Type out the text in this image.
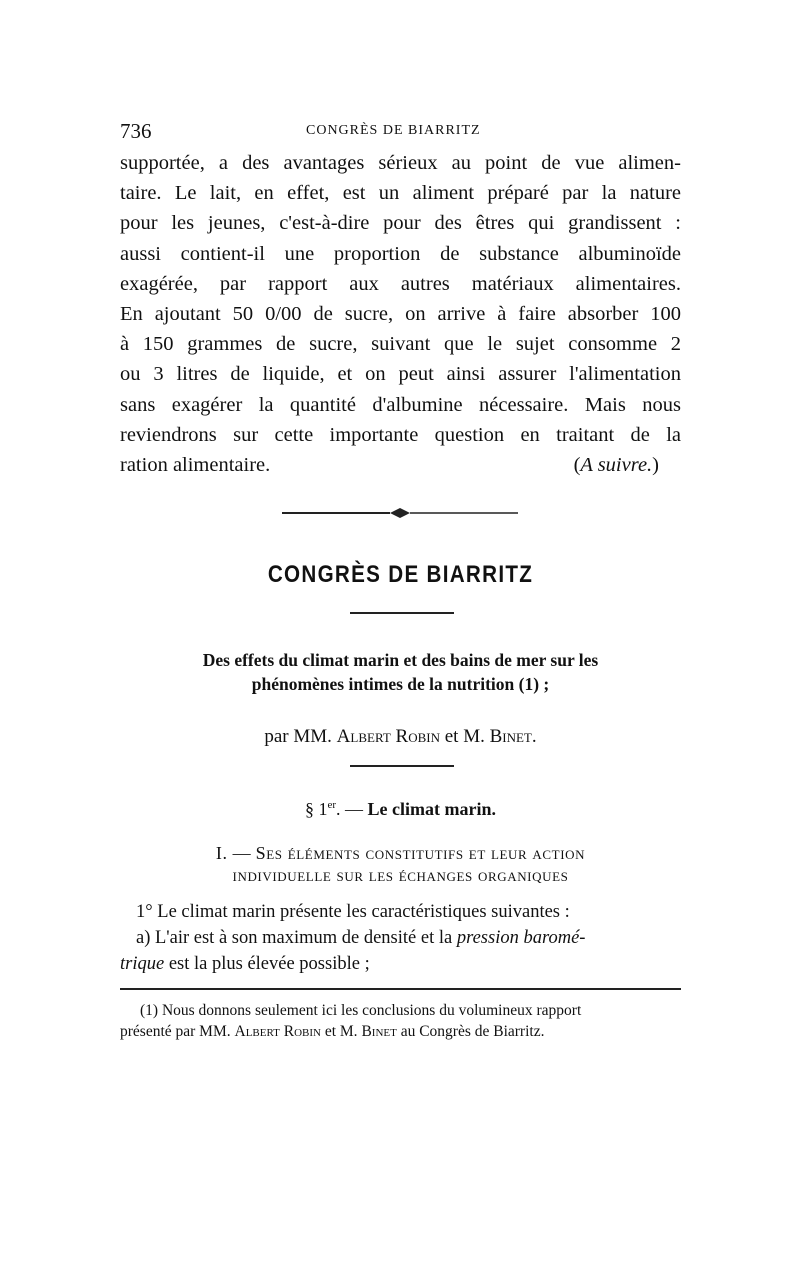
736	CONGRÈS DE BIARRITZ
supportée, a des avantages sérieux au point de vue alimen-
taire. Le lait, en effet, est un aliment préparé par la nature
pour les jeunes, c'est-à-dire pour des êtres qui grandissent :
aussi contient-il une proportion de substance albuminoïde
exagérée, par rapport aux autres matériaux alimentaires.
En ajoutant 50 0/00 de sucre, on arrive à faire absorber 100
à 150 grammes de sucre, suivant que le sujet consomme 2
ou 3 litres de liquide, et on peut ainsi assurer l'alimentation
sans exagérer la quantité d'albumine nécessaire. Mais nous
reviendrons sur cette importante question en traitant de la
ration alimentaire.	(A suivre.)
CONGRÈS DE BIARRITZ
Des effets du climat marin et des bains de mer sur les
phénomènes intimes de la nutrition (1) ;
par MM. Albert Robin et M. Binet.
§ 1er. — Le climat marin.
I. — Ses éléments constitutifs et leur action
individuelle sur les échanges organiques
1° Le climat marin présente les caractéristiques suivantes :
a) L'air est à son maximum de densité et la pression baromé-
trique est la plus élevée possible ;
(1) Nous donnons seulement ici les conclusions du volumineux rapport
présenté par MM. Albert Robin et M. Binet au Congrès de Biarritz.
